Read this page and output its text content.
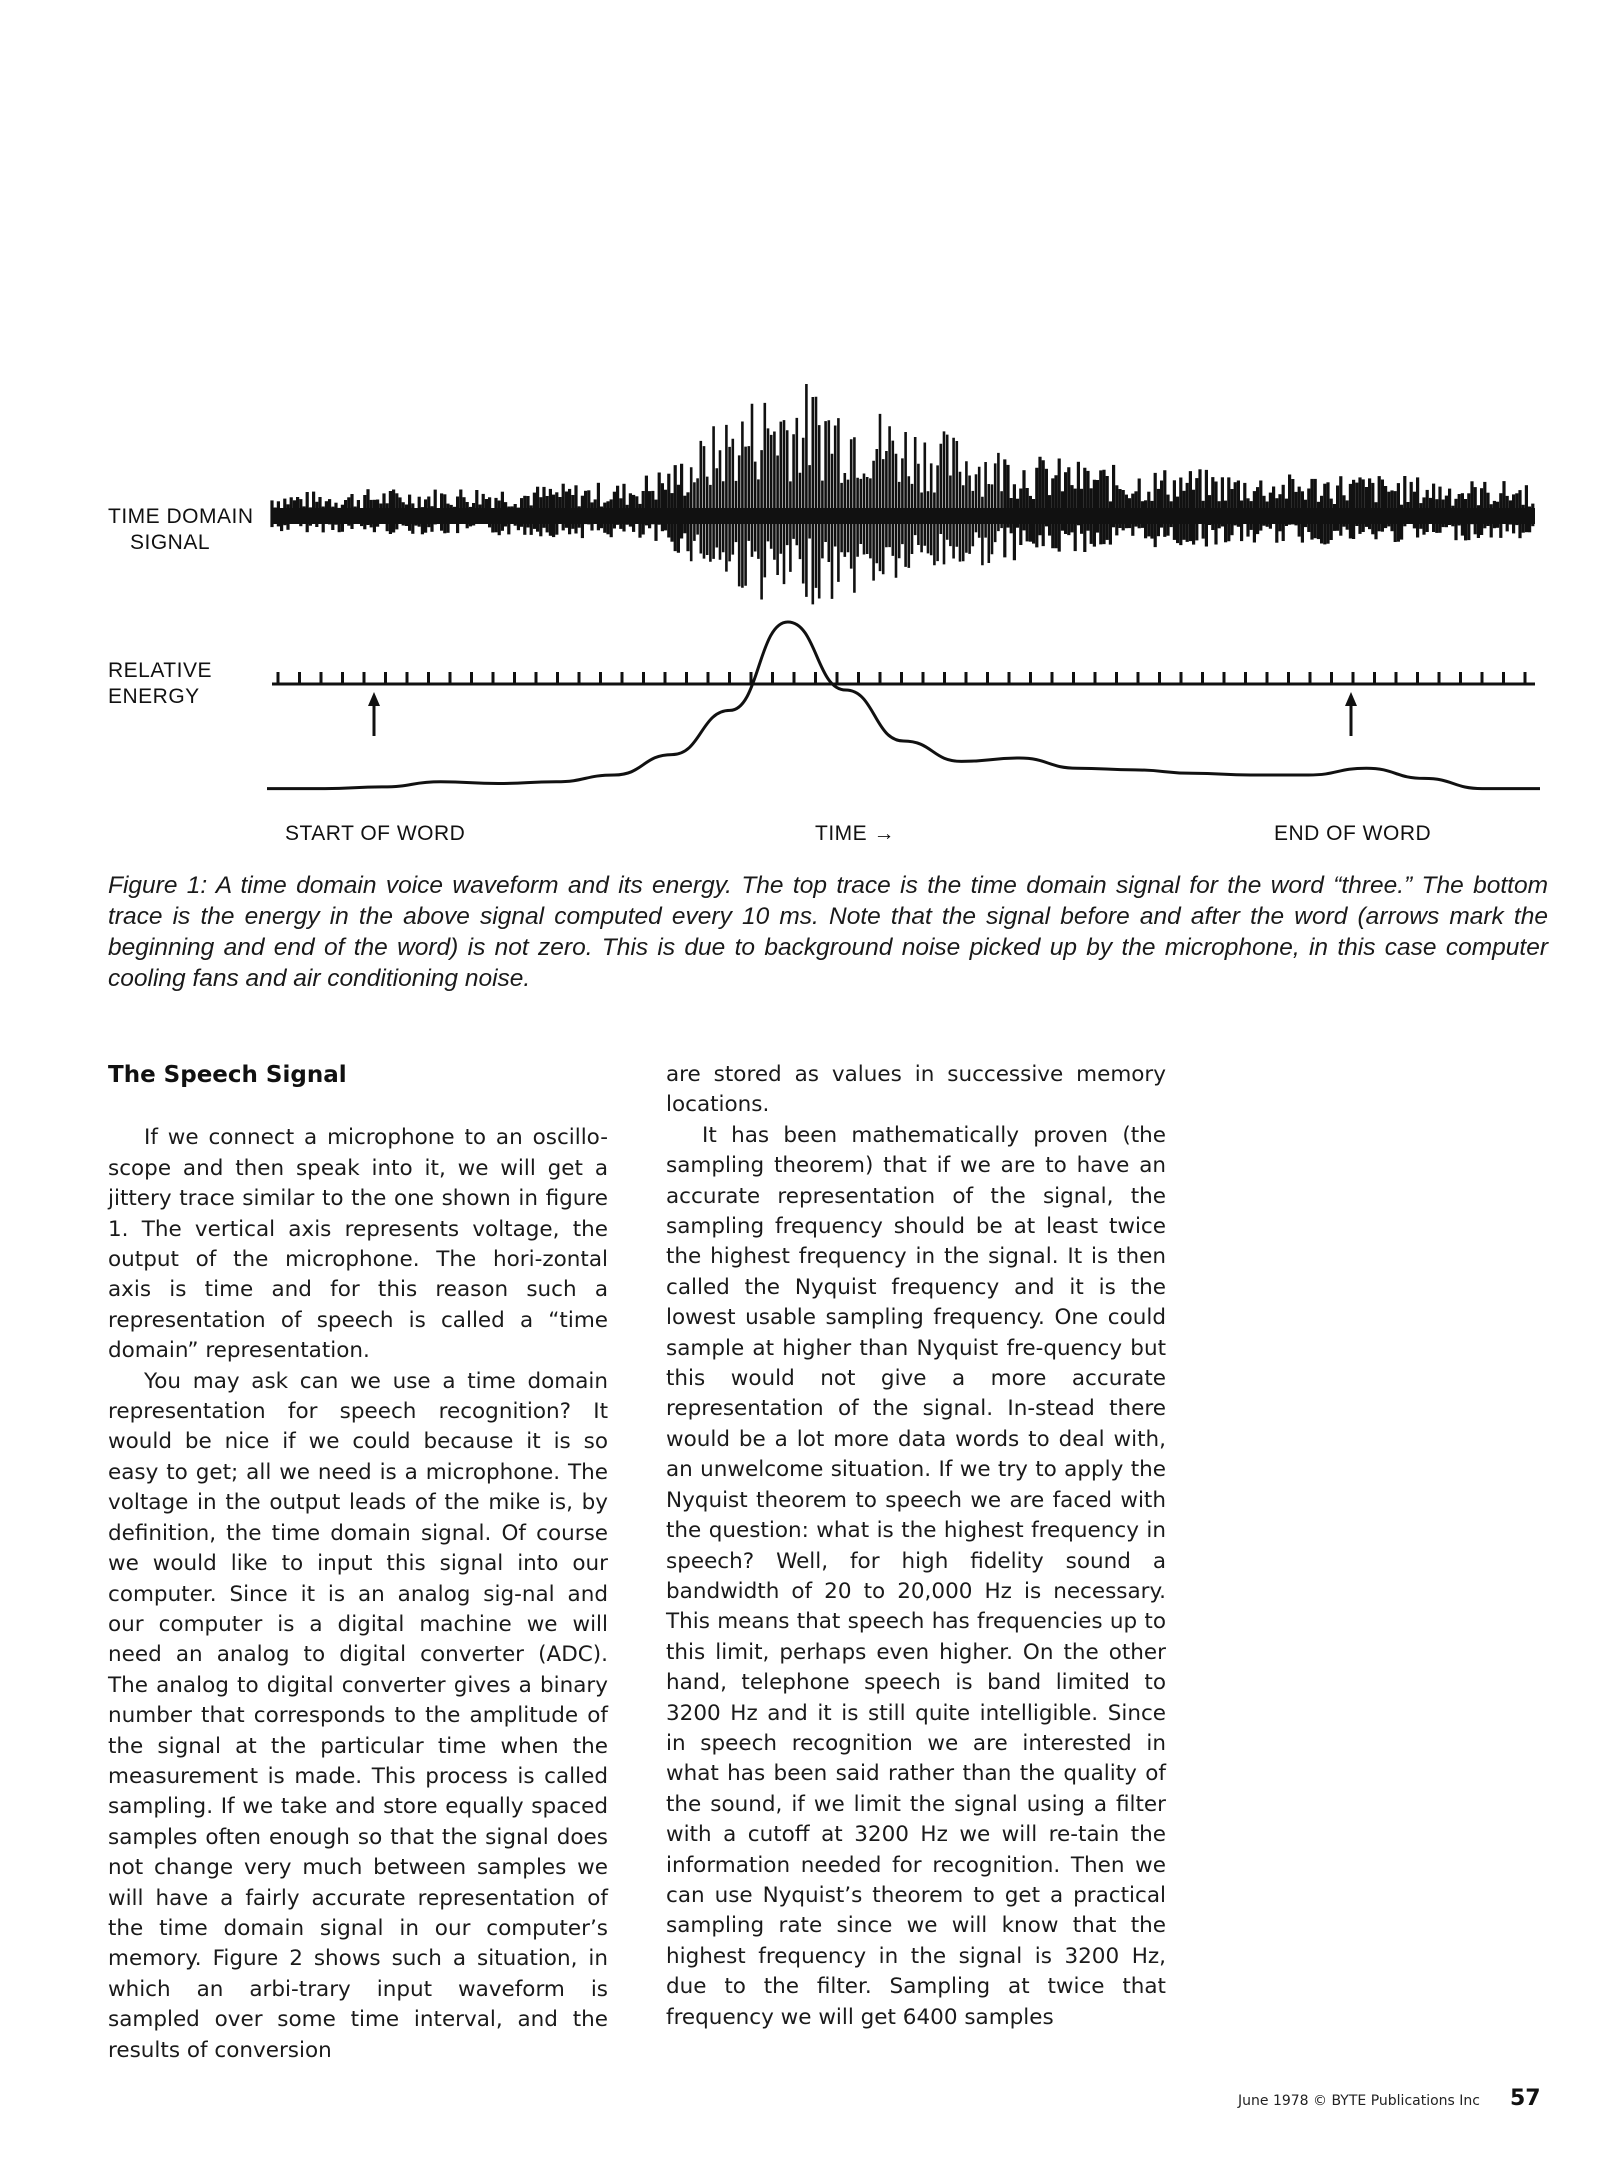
TIME DOMAIN
SIGNAL
RELATIVE
ENERGY
START OF WORD	TIME →	END OF WORD

Figure 1: A time domain voice waveform and its energy. The top trace is the time domain signal for the word “three.” The bottom trace is the energy in the above signal computed every 10 ms. Note that the signal before and after the word (arrows mark the beginning and end of the word) is not zero. This is due to background noise picked up by the microphone, in this case computer cooling fans and air conditioning noise.

The Speech Signal

If we connect a microphone to an oscillo-scope and then speak into it, we will get a jittery trace similar to the one shown in figure 1. The vertical axis represents voltage, the output of the microphone. The hori-zontal axis is time and for this reason such a representation of speech is called a “time domain” representation.

You may ask can we use a time domain representation for speech recognition? It would be nice if we could because it is so easy to get; all we need is a microphone. The voltage in the output leads of the mike is, by definition, the time domain signal. Of course we would like to input this signal into our computer. Since it is an analog sig-nal and our computer is a digital machine we will need an analog to digital converter (ADC). The analog to digital converter gives a binary number that corresponds to the amplitude of the signal at the particular time when the measurement is made. This process is called sampling. If we take and store equally spaced samples often enough so that the signal does not change very much between samples we will have a fairly accurate representation of the time domain signal in our computer’s memory. Figure 2 shows such a situation, in which an arbi-trary input waveform is sampled over some time interval, and the results of conversion

are stored as values in successive memory locations.

It has been mathematically proven (the sampling theorem) that if we are to have an accurate representation of the signal, the sampling frequency should be at least twice the highest frequency in the signal. It is then called the Nyquist frequency and it is the lowest usable sampling frequency. One could sample at higher than Nyquist fre-quency but this would not give a more accurate representation of the signal. In-stead there would be a lot more data words to deal with, an unwelcome situation. If we try to apply the Nyquist theorem to speech we are faced with the question: what is the highest frequency in speech? Well, for high fidelity sound a bandwidth of 20 to 20,000 Hz is necessary. This means that speech has frequencies up to this limit, perhaps even higher. On the other hand, telephone speech is band limited to 3200 Hz and it is still quite intelligible. Since in speech recognition we are interested in what has been said rather than the quality of the sound, if we limit the signal using a filter with a cutoff at 3200 Hz we will re-tain the information needed for recognition. Then we can use Nyquist’s theorem to get a practical sampling rate since we will know that the highest frequency in the signal is 3200 Hz, due to the filter. Sampling at twice that frequency we will get 6400 samples

June 1978 © BYTE Publications Inc 57
